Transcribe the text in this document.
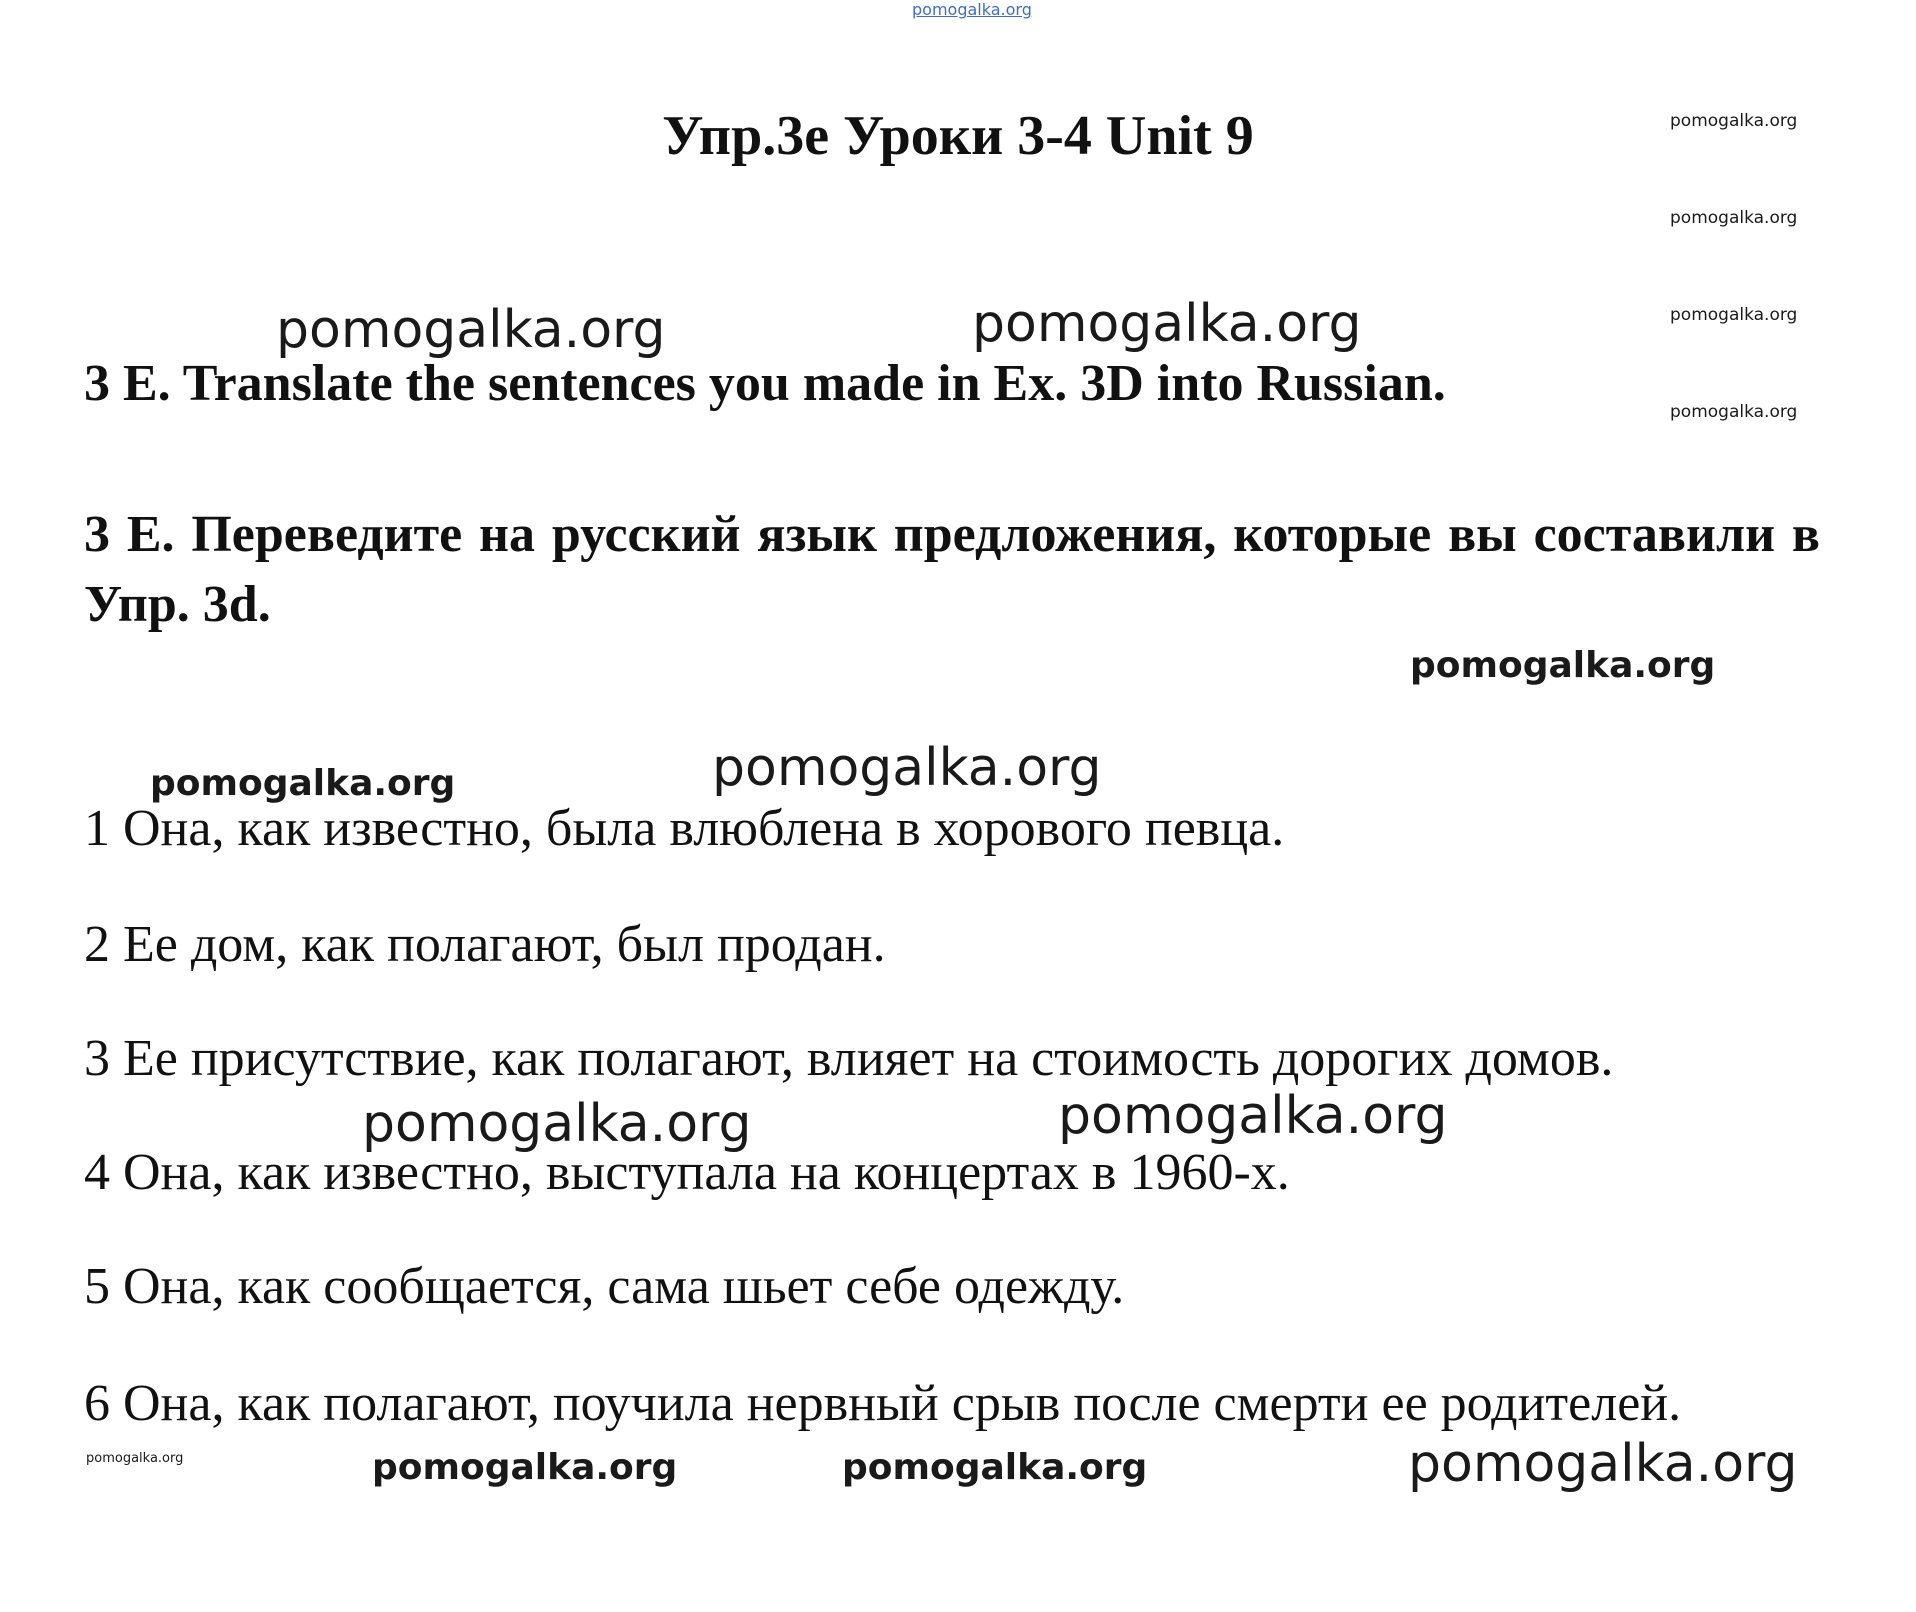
pomogalka.org
Упр.3е Уроки 3-4 Unit 9	pomogalka.org
pomogalka.org
pomogalka.org
pomogalka.org
pomogalka.org	pomogalka.org

3 E. Translate the sentences you made in Ex. 3D into Russian.

3 E. Переведите на русский язык предложения, которые вы составили в Упр. 3d.

pomogalka.org
pomogalka.org	pomogalka.org

1 Она, как известно, была влюблена в хорового певца.

2 Ее дом, как полагают, был продан.

3 Ее присутствие, как полагают, влияет на стоимость дорогих домов.

pomogalka.org	pomogalka.org

4 Она, как известно, выступала на концертах в 1960-х.

5 Она, как сообщается, сама шьет себе одежду.

6 Она, как полагают, поучила нервный срыв после смерти ее родителей.

pomogalka.org	pomogalka.org	pomogalka.org	pomogalka.org
